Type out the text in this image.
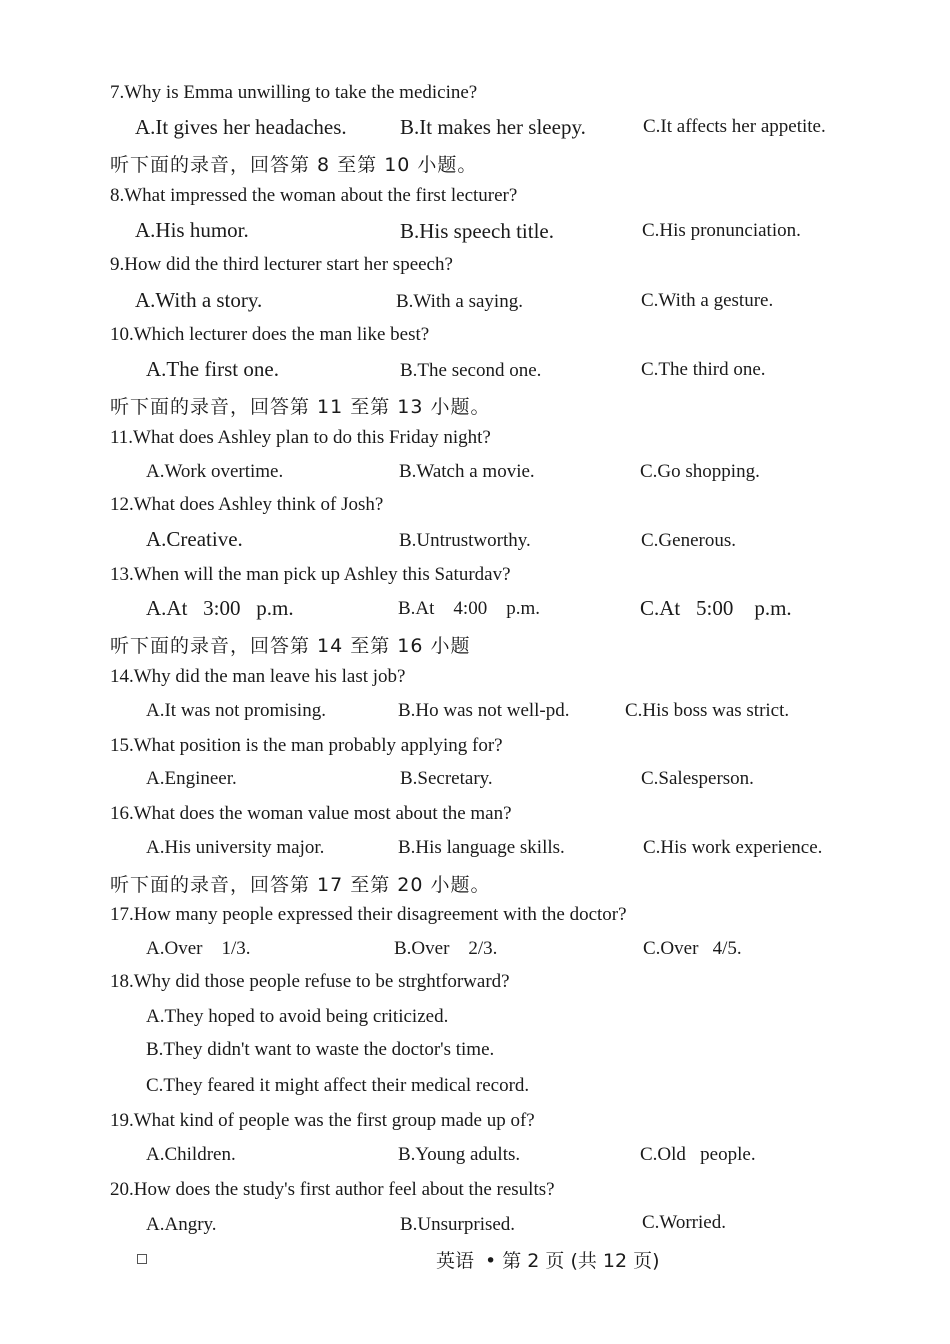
7.Why is Emma unwilling to take the medicine?
A.It gives her headaches.	B.It makes her sleepy.	C.It affects her appetite.
听下面的录音，回答第 8 至第 10 小题。
8.What impressed the woman about the first lecturer?
A.His humor.	B.His speech title.	C.His pronunciation.
9.How did the third lecturer start her speech?
A.With a story.	B.With a saying.	C.With a gesture.
10.Which lecturer does the man like best?
A.The first one.	B.The second one.	C.The third one.
听下面的录音，回答第 11 至第 13 小题。
11.What does Ashley plan to do this Friday night?
A.Work overtime.	B.Watch a movie.	C.Go shopping.
12.What does Ashley think of Josh?
A.Creative.	B.Untrustworthy.	C.Generous.
13.When will the man pick up Ashley this Saturdav?
A.At   3:00   p.m.	B.At    4:00    p.m.	C.At   5:00    p.m.
听下面的录音，回答第 14 至第 16 小题
14.Why did the man leave his last job?
A.It was not promising.	B.Ho was not well-pd.	C.His boss was strict.
15.What position is the man probably applying for?
A.Engineer.	B.Secretary.	C.Salesperson.
16.What does the woman value most about the man?
A.His university major.	B.His language skills.	C.His work experience.
听下面的录音，回答第 17 至第 20 小题。
17.How many people expressed their disagreement with the doctor?
A.Over    1/3.	B.Over    2/3.	C.Over   4/5.
18.Why did those people refuse to be strghtforward?
A.They hoped to avoid being criticized.
B.They didn't want to waste the doctor's time.
C.They feared it might affect their medical record.
19.What kind of people was the first group made up of?
A.Children.	B.Young adults.	C.Old   people.
20.How does the study's first author feel about the results?
A.Angry.	B.Unsurprised.	C.Worried.
英语 • 第 2 页 (共 12 页)
